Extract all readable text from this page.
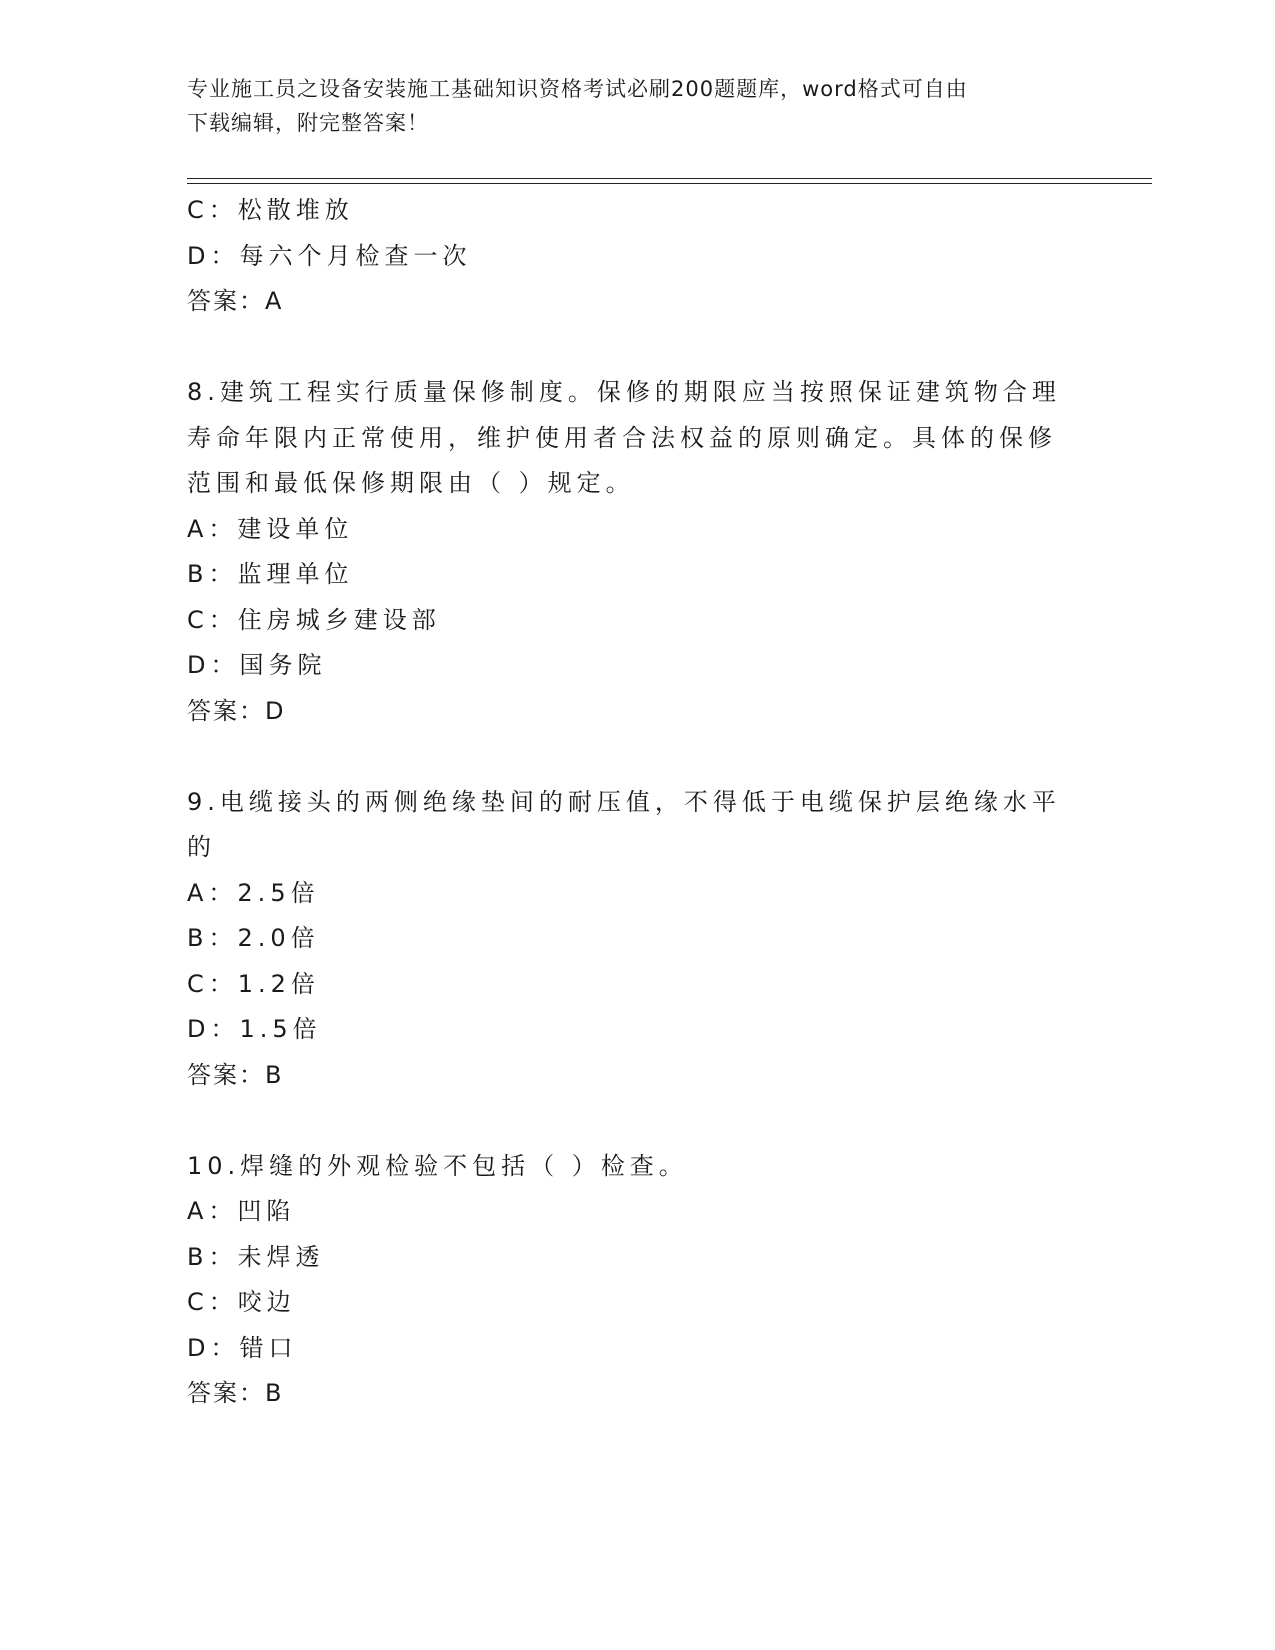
专业施工员之设备安装施工基础知识资格考试必刷200题题库，word格式可自由
下载编辑，附完整答案！
C：松散堆放
D：每六个月检查一次
答案：A
8.建筑工程实行质量保修制度。保修的期限应当按照保证建筑物合理
寿命年限内正常使用，维护使用者合法权益的原则确定。具体的保修
范围和最低保修期限由（ ）规定。
A：建设单位
B：监理单位
C：住房城乡建设部
D：国务院
答案：D
9.电缆接头的两侧绝缘垫间的耐压值，不得低于电缆保护层绝缘水平
的
A：2.5倍
B：2.0倍
C：1.2倍
D：1.5倍
答案：B
10.焊缝的外观检验不包括（ ）检查。
A：凹陷
B：未焊透
C：咬边
D：错口
答案：B
